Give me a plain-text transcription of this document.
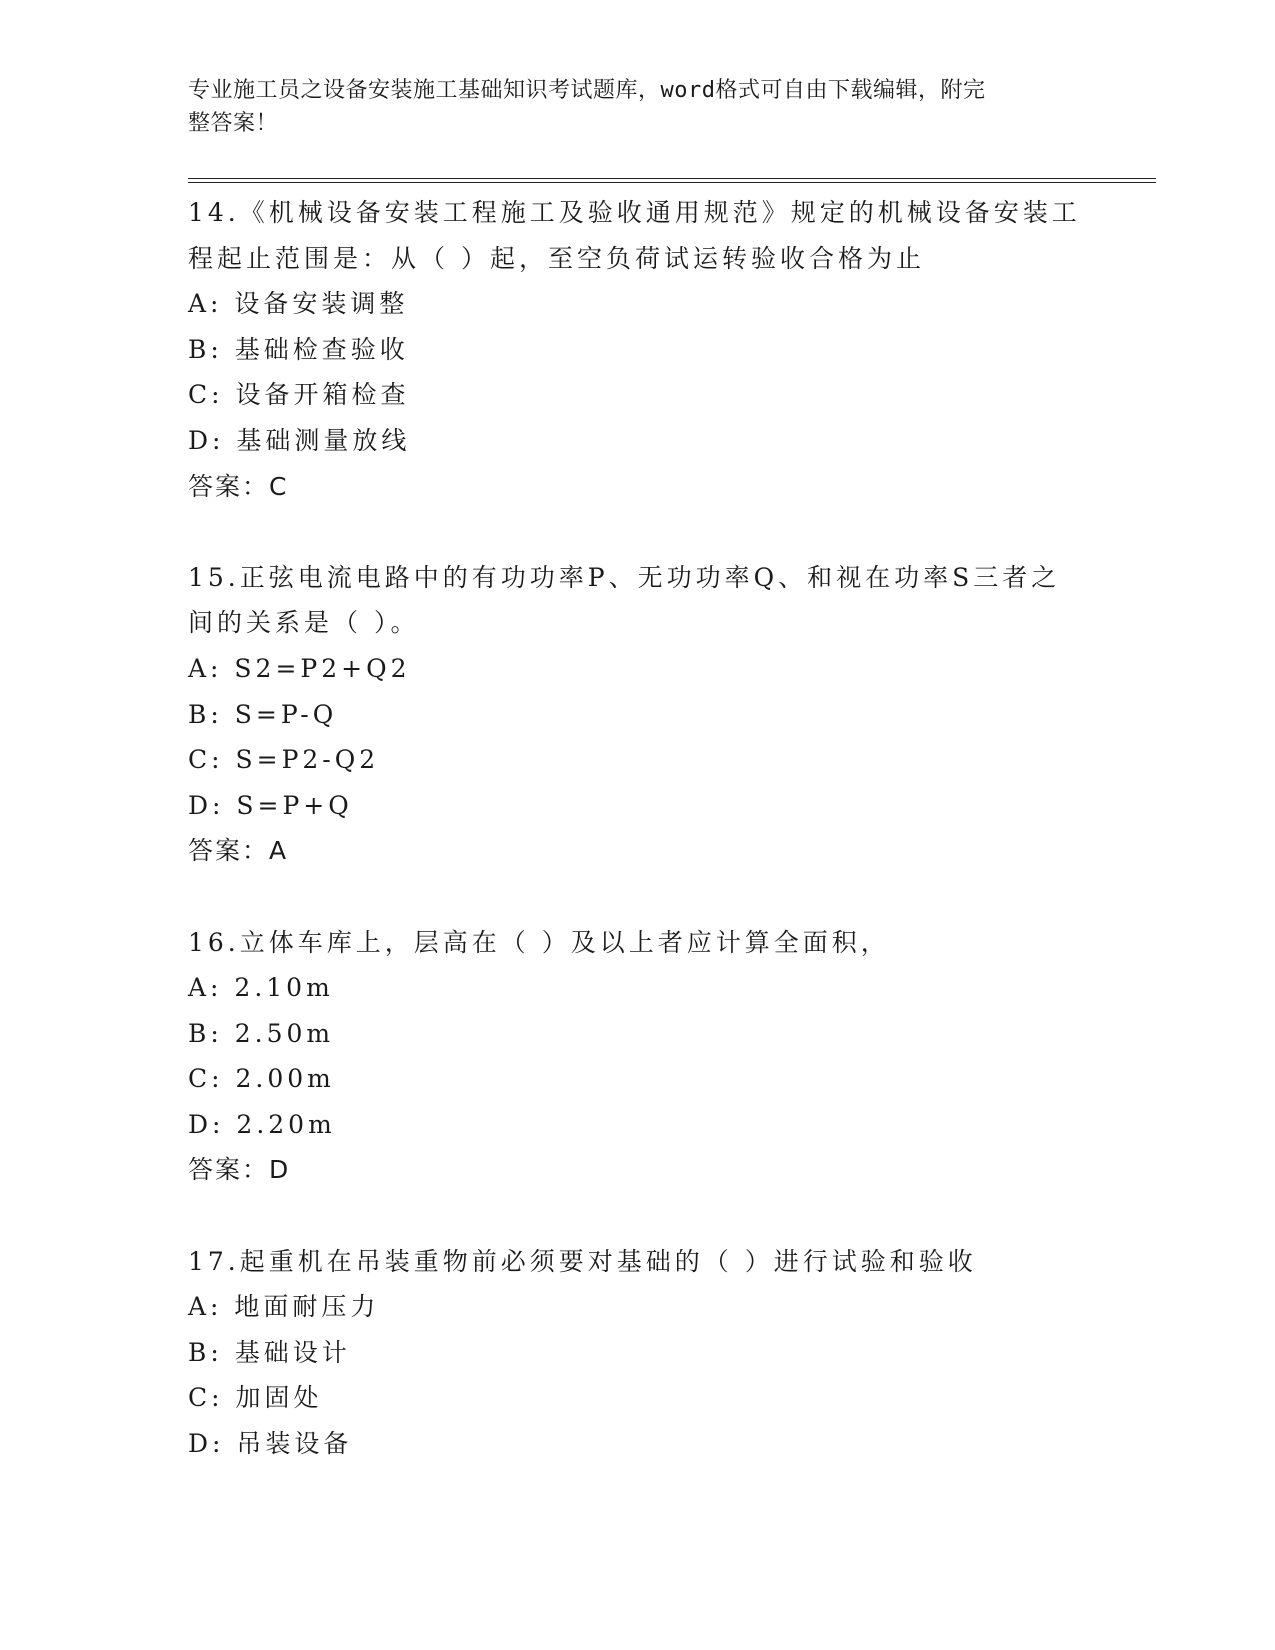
专业施工员之设备安装施工基础知识考试题库，word格式可自由下载编辑，附完
整答案！

14.《机械设备安装工程施工及验收通用规范》规定的机械设备安装工
程起止范围是：从（ ）起，至空负荷试运转验收合格为止

A: 设备安装调整

B: 基础检查验收

C: 设备开箱检查

D: 基础测量放线

答案：C

15.正弦电流电路中的有功功率P、无功功率Q、和视在功率S三者之
间的关系是（ ）。

A: S2=P2+Q2

B: S=P-Q

C: S=P2-Q2

D: S=P+Q

答案：A

16.立体车库上，层高在（ ）及以上者应计算全面积，

A: 2.10m

B: 2.50m

C: 2.00m

D: 2.20m

答案：D

17.起重机在吊装重物前必须要对基础的（ ）进行试验和验收

A: 地面耐压力

B: 基础设计

C: 加固处

D: 吊装设备
